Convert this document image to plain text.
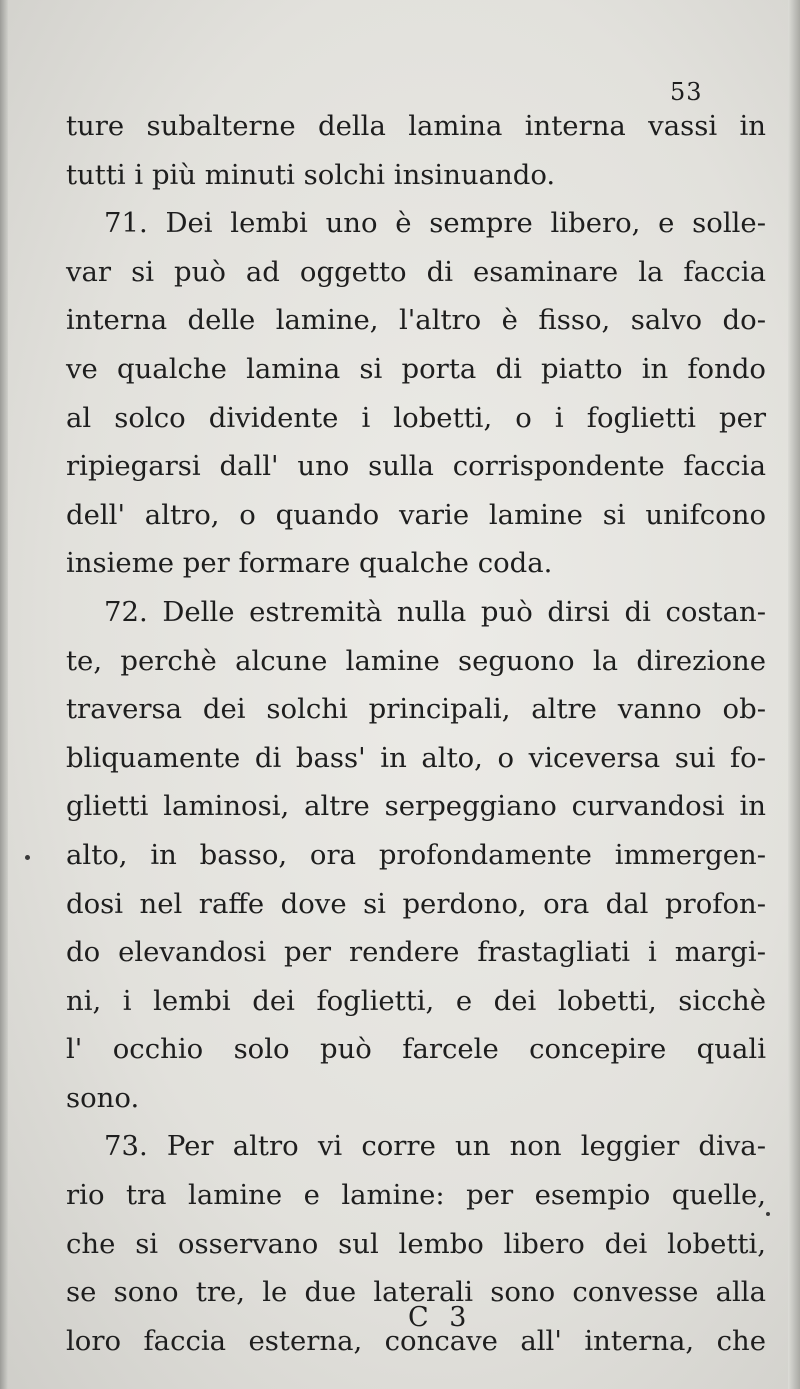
53
ture subalterne della lamina interna vassi in
tutti i più minuti solchi insinuando.
71. Dei lembi uno è sempre libero, e solle-
var si può ad oggetto di esaminare la faccia
interna delle lamine, l'altro è fisso, salvo do-
ve qualche lamina si porta di piatto in fondo
al solco dividente i lobetti, o i foglietti per
ripiegarsi dall' uno sulla corrispondente faccia
dell' altro, o quando varie lamine si unifcono
insieme per formare qualche coda.
72. Delle estremità nulla può dirsi di costan-
te, perchè alcune lamine seguono la direzione
traversa dei solchi principali, altre vanno ob-
bliquamente di bass' in alto, o viceversa sui fo-
glietti laminosi, altre serpeggiano curvandosi in
alto, in basso, ora profondamente immergen-
dosi nel raffe dove si perdono, ora dal profon-
do elevandosi per rendere frastagliati i margi-
ni, i lembi dei foglietti, e dei lobetti, sicchè
l' occhio solo può farcele concepire quali
sono.
73. Per altro vi corre un non leggier diva-
rio tra lamine e lamine: per esempio quelle,
che si osservano sul lembo libero dei lobetti,
se sono tre, le due laterali sono convesse alla
loro faccia esterna, concave all' interna, che
C 3
